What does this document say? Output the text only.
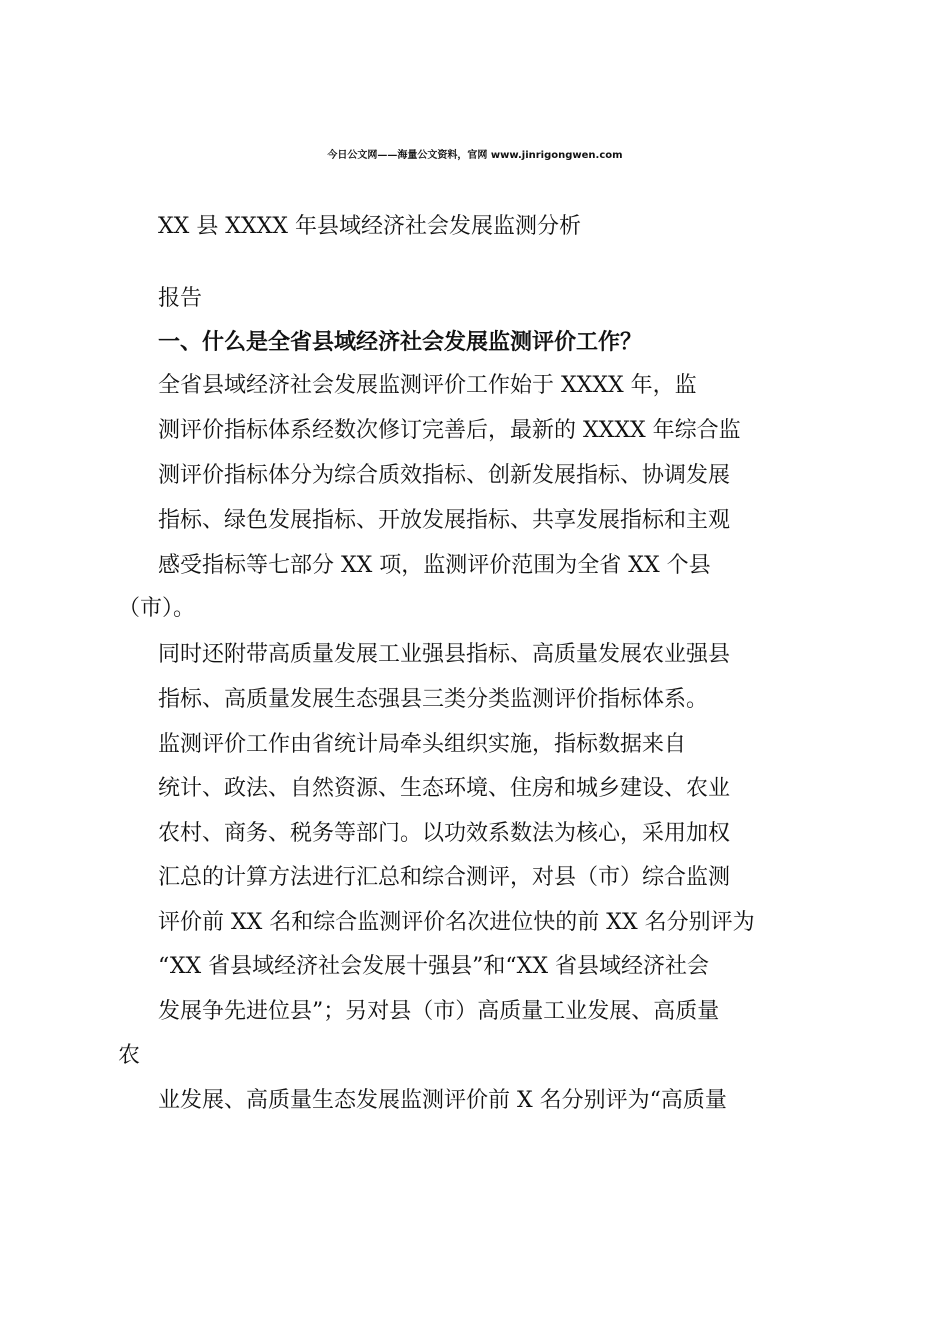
今日公文网——海量公文资料，官网 www.jinrigongwen.com
XX 县 XXXX 年县域经济社会发展监测分析
报告
一、什么是全省县域经济社会发展监测评价工作？
全省县域经济社会发展监测评价工作始于 XXXX 年，监
测评价指标体系经数次修订完善后，最新的 XXXX 年综合监
测评价指标体分为综合质效指标、创新发展指标、协调发展
指标、绿色发展指标、开放发展指标、共享发展指标和主观
感受指标等七部分 XX 项，监测评价范围为全省 XX 个县
（市）。
同时还附带高质量发展工业强县指标、高质量发展农业强县
指标、高质量发展生态强县三类分类监测评价指标体系。
监测评价工作由省统计局牵头组织实施，指标数据来自
统计、政法、自然资源、生态环境、住房和城乡建设、农业
农村、商务、税务等部门。以功效系数法为核心，采用加权
汇总的计算方法进行汇总和综合测评，对县（市）综合监测
评价前 XX 名和综合监测评价名次进位快的前 XX 名分别评为
“XX 省县域经济社会发展十强县”和“XX 省县域经济社会
发展争先进位县”；另对县（市）高质量工业发展、高质量
农
业发展、高质量生态发展监测评价前 X 名分别评为“高质量
